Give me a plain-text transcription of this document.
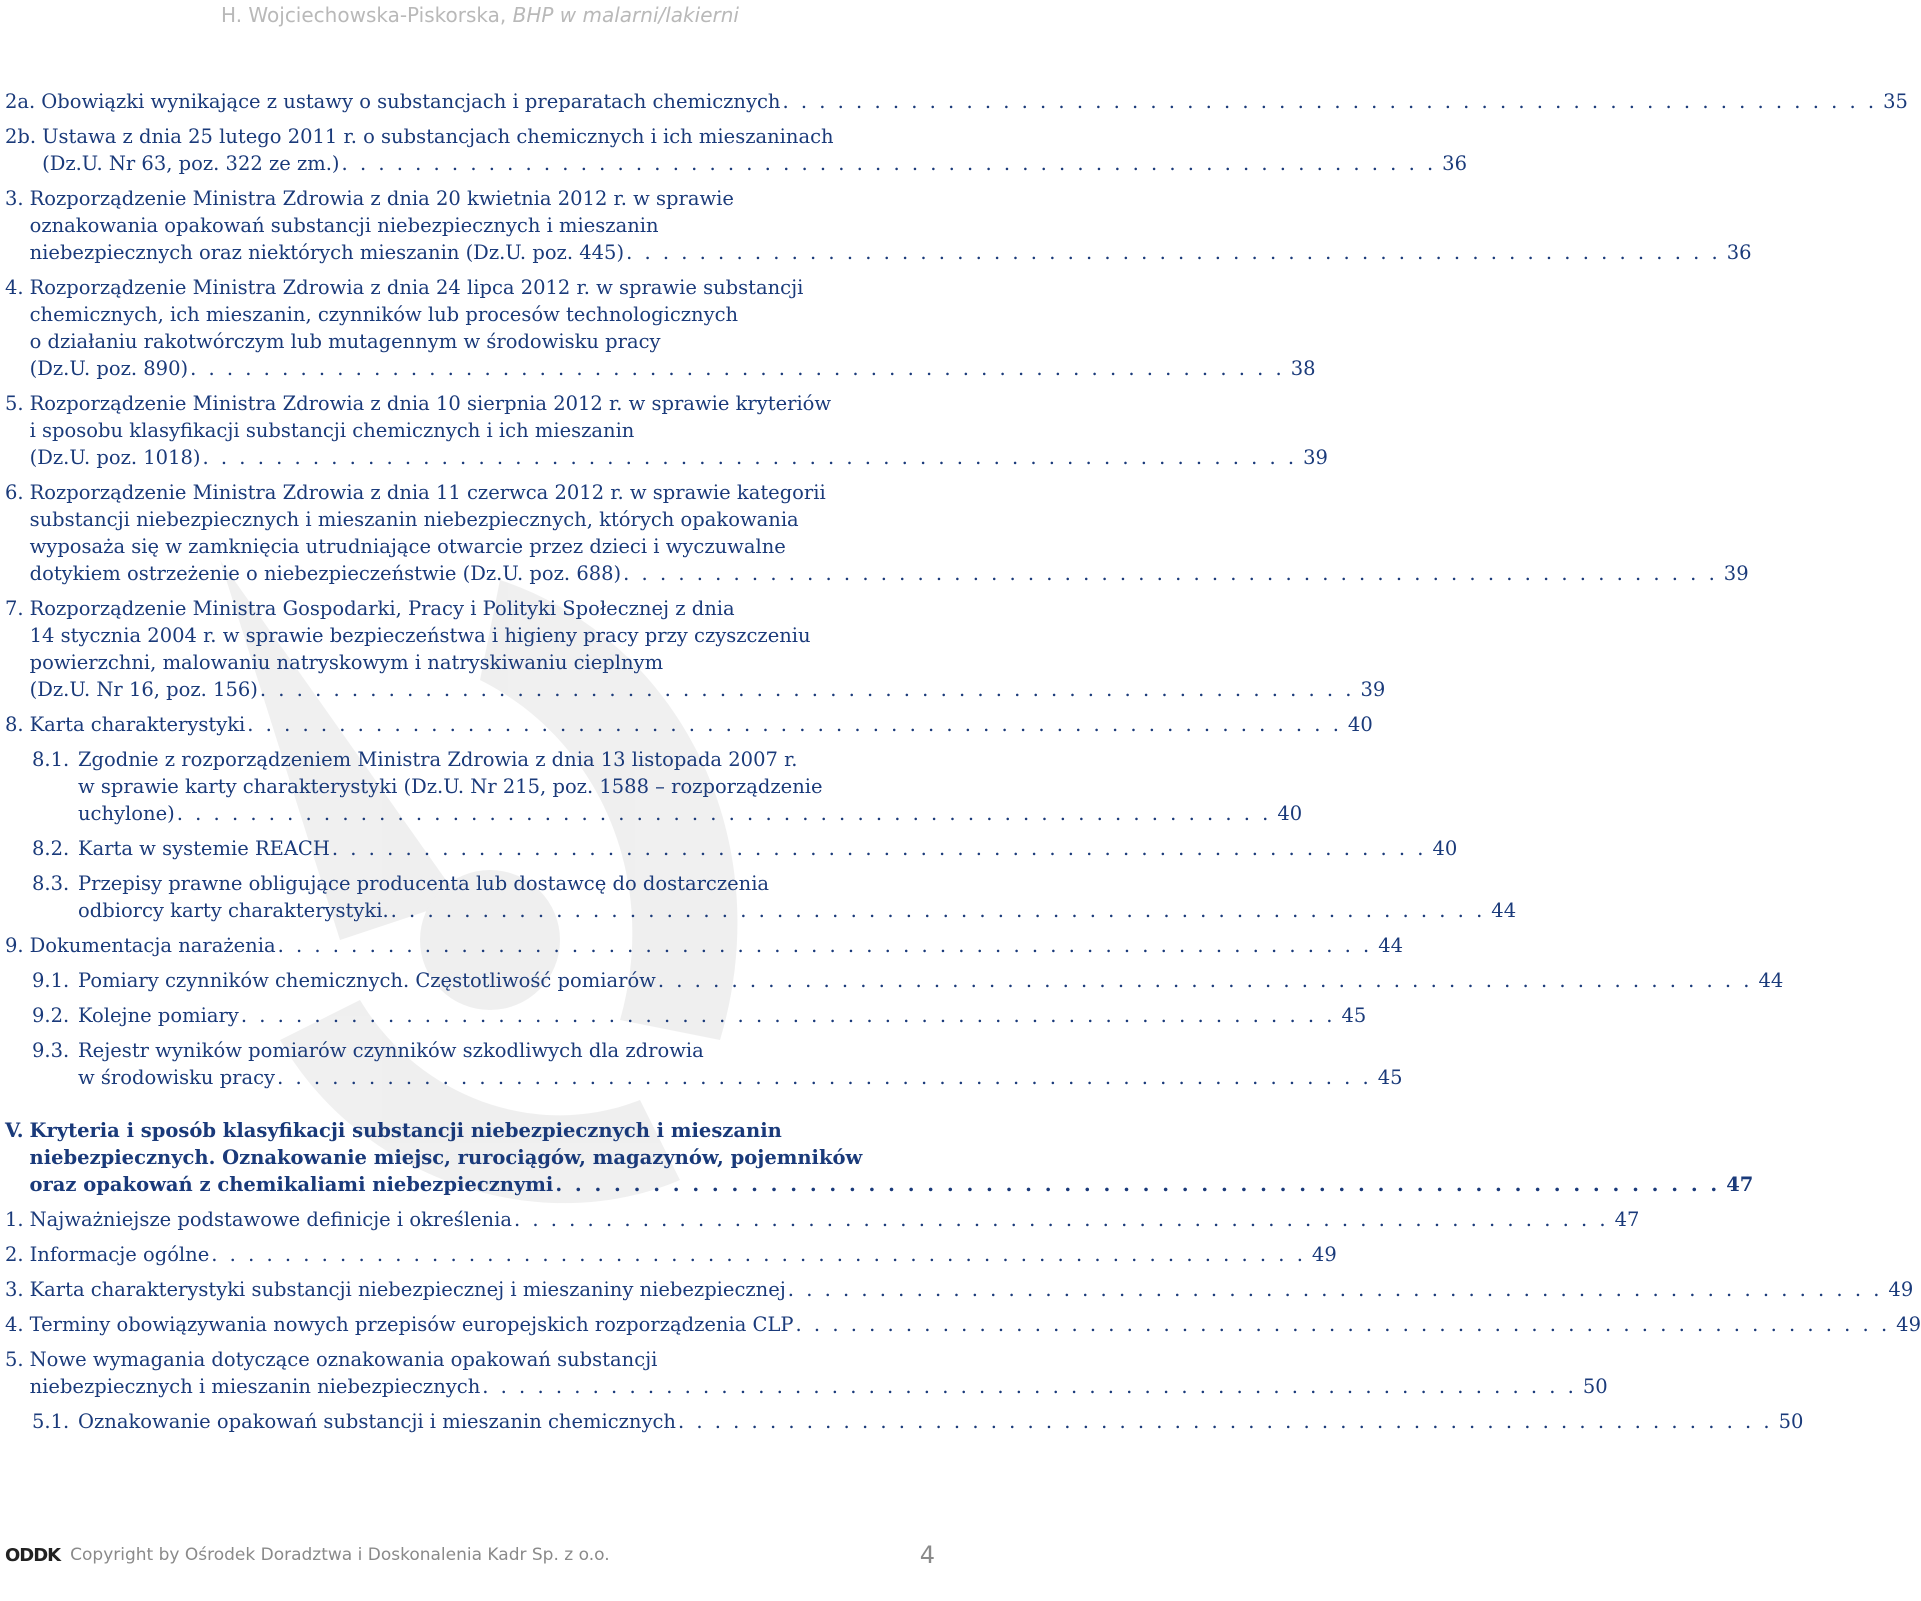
H. Wojciechowska-Piskorska, BHP w malarni/lakierni
2a. Obowiązki wynikające z ustawy o substancjach i preparatach chemicznych . . . . . . . . . . . . . . . . . . . . . . . . . . . . . . . . . . . . . . . . . . . . . . . . . . . . . . . . . . . . 35
2b. Ustawa z dnia 25 lutego 2011 r. o substancjach chemicznych i ich mieszaninach
(Dz.U. Nr 63, poz. 322 ze zm.) . . . . . . . . . . . . . . . . . . . . . . . . . . . . . . . . . . . . . . . . . . . . . . . . . . . . . . . . . . . . 36
3. Rozporządzenie Ministra Zdrowia z dnia 20 kwietnia 2012 r. w sprawie
oznakowania opakowań substancji niebezpiecznych i mieszanin
niebezpiecznych oraz niektórych mieszanin (Dz.U. poz. 445) . . . . . . . . . . . . . . . . . . . . . . . . . . . . . . . . . . . . . . . . . . . . . . . . . . . . . . . . . . . . 36
4. Rozporządzenie Ministra Zdrowia z dnia 24 lipca 2012 r. w sprawie substancji
chemicznych, ich mieszanin, czynników lub procesów technologicznych
o działaniu rakotwórczym lub mutagennym w środowisku pracy
(Dz.U. poz. 890) . . . . . . . . . . . . . . . . . . . . . . . . . . . . . . . . . . . . . . . . . . . . . . . . . . . . . . . . . . . . 38
5. Rozporządzenie Ministra Zdrowia z dnia 10 sierpnia 2012 r. w sprawie kryteriów
i sposobu klasyfikacji substancji chemicznych i ich mieszanin
(Dz.U. poz. 1018) . . . . . . . . . . . . . . . . . . . . . . . . . . . . . . . . . . . . . . . . . . . . . . . . . . . . . . . . . . . . 39
6. Rozporządzenie Ministra Zdrowia z dnia 11 czerwca 2012 r. w sprawie kategorii
substancji niebezpiecznych i mieszanin niebezpiecznych, których opakowania
wyposaża się w zamknięcia utrudniające otwarcie przez dzieci i wyczuwalne
dotykiem ostrzeżenie o niebezpieczeństwie (Dz.U. poz. 688) . . . . . . . . . . . . . . . . . . . . . . . . . . . . . . . . . . . . . . . . . . . . . . . . . . . . . . . . . . . . 39
7. Rozporządzenie Ministra Gospodarki, Pracy i Polityki Społecznej z dnia
14 stycznia 2004 r. w sprawie bezpieczeństwa i higieny pracy przy czyszczeniu
powierzchni, malowaniu natryskowym i natryskiwaniu cieplnym
(Dz.U. Nr 16, poz. 156) . . . . . . . . . . . . . . . . . . . . . . . . . . . . . . . . . . . . . . . . . . . . . . . . . . . . . . . . . . . . 39
8. Karta charakterystyki . . . . . . . . . . . . . . . . . . . . . . . . . . . . . . . . . . . . . . . . . . . . . . . . . . . . . . . . . . . . 40
8.1. Zgodnie z rozporządzeniem Ministra Zdrowia z dnia 13 listopada 2007 r.
w sprawie karty charakterystyki (Dz.U. Nr 215, poz. 1588 – rozporządzenie
uchylone) . . . . . . . . . . . . . . . . . . . . . . . . . . . . . . . . . . . . . . . . . . . . . . . . . . . . . . . . . . . . 40
8.2. Karta w systemie REACH . . . . . . . . . . . . . . . . . . . . . . . . . . . . . . . . . . . . . . . . . . . . . . . . . . . . . . . . . . . . 40
8.3. Przepisy prawne obligujące producenta lub dostawcę do dostarczenia
odbiorcy karty charakterystyki. . . . . . . . . . . . . . . . . . . . . . . . . . . . . . . . . . . . . . . . . . . . . . . . . . . . . . . . . . . . . 44
9. Dokumentacja narażenia . . . . . . . . . . . . . . . . . . . . . . . . . . . . . . . . . . . . . . . . . . . . . . . . . . . . . . . . . . . . 44
9.1. Pomiary czynników chemicznych. Częstotliwość pomiarów . . . . . . . . . . . . . . . . . . . . . . . . . . . . . . . . . . . . . . . . . . . . . . . . . . . . . . . . . . . . 44
9.2. Kolejne pomiary . . . . . . . . . . . . . . . . . . . . . . . . . . . . . . . . . . . . . . . . . . . . . . . . . . . . . . . . . . . . 45
9.3. Rejestr wyników pomiarów czynników szkodliwych dla zdrowia
w środowisku pracy . . . . . . . . . . . . . . . . . . . . . . . . . . . . . . . . . . . . . . . . . . . . . . . . . . . . . . . . . . . . 45
V. Kryteria i sposób klasyfikacji substancji niebezpiecznych i mieszanin
niebezpiecznych. Oznakowanie miejsc, rurociągów, magazynów, pojemników
oraz opakowań z chemikaliami niebezpiecznymi . . . . . . . . . . . . . . . . . . . . . . . . . . . . . . . . . . . . . . . . . . . . . . . . . . . . . . . . . . . . 47
1. Najważniejsze podstawowe definicje i określenia . . . . . . . . . . . . . . . . . . . . . . . . . . . . . . . . . . . . . . . . . . . . . . . . . . . . . . . . . . . . 47
2. Informacje ogólne . . . . . . . . . . . . . . . . . . . . . . . . . . . . . . . . . . . . . . . . . . . . . . . . . . . . . . . . . . . . 49
3. Karta charakterystyki substancji niebezpiecznej i mieszaniny niebezpiecznej . . . . . . . . . . . . . . . . . . . . . . . . . . . . . . . . . . . . . . . . . . . . . . . . . . . . . . . . . . . . 49
4. Terminy obowiązywania nowych przepisów europejskich rozporządzenia CLP . . . . . . . . . . . . . . . . . . . . . . . . . . . . . . . . . . . . . . . . . . . . . . . . . . . . . . . . . . . . 49
5. Nowe wymagania dotyczące oznakowania opakowań substancji
niebezpiecznych i mieszanin niebezpiecznych . . . . . . . . . . . . . . . . . . . . . . . . . . . . . . . . . . . . . . . . . . . . . . . . . . . . . . . . . . . . 50
5.1. Oznakowanie opakowań substancji i mieszanin chemicznych . . . . . . . . . . . . . . . . . . . . . . . . . . . . . . . . . . . . . . . . . . . . . . . . . . . . . . . . . . . . 50
ODDK Copyright by Ośrodek Doradztwa i Doskonalenia Kadr Sp. z o.o.	4
